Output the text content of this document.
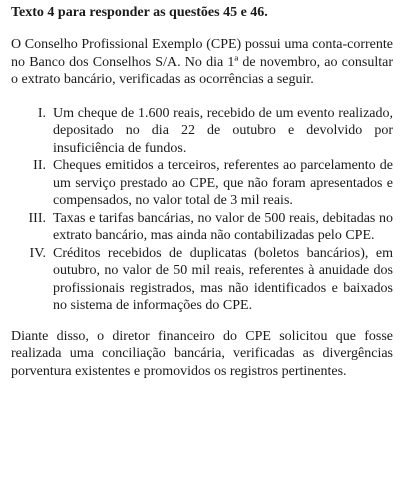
Texto 4 para responder as questões 45 e 46.

O Conselho Profissional Exemplo (CPE) possui uma conta-corrente no Banco dos Conselhos S/A. No dia 1ª de novembro, ao consultar o extrato bancário, verificadas as ocorrências a seguir.

I. Um cheque de 1.600 reais, recebido de um evento realizado, depositado no dia 22 de outubro e devolvido por insuficiência de fundos.
II. Cheques emitidos a terceiros, referentes ao parcelamento de um serviço prestado ao CPE, que não foram apresentados e compensados, no valor total de 3 mil reais.
III. Taxas e tarifas bancárias, no valor de 500 reais, debitadas no extrato bancário, mas ainda não contabilizadas pelo CPE.
IV. Créditos recebidos de duplicatas (boletos bancários), em outubro, no valor de 50 mil reais, referentes à anuidade dos profissionais registrados, mas não identificados e baixados no sistema de informações do CPE.

Diante disso, o diretor financeiro do CPE solicitou que fosse realizada uma conciliação bancária, verificadas as divergências porventura existentes e promovidos os registros pertinentes.
